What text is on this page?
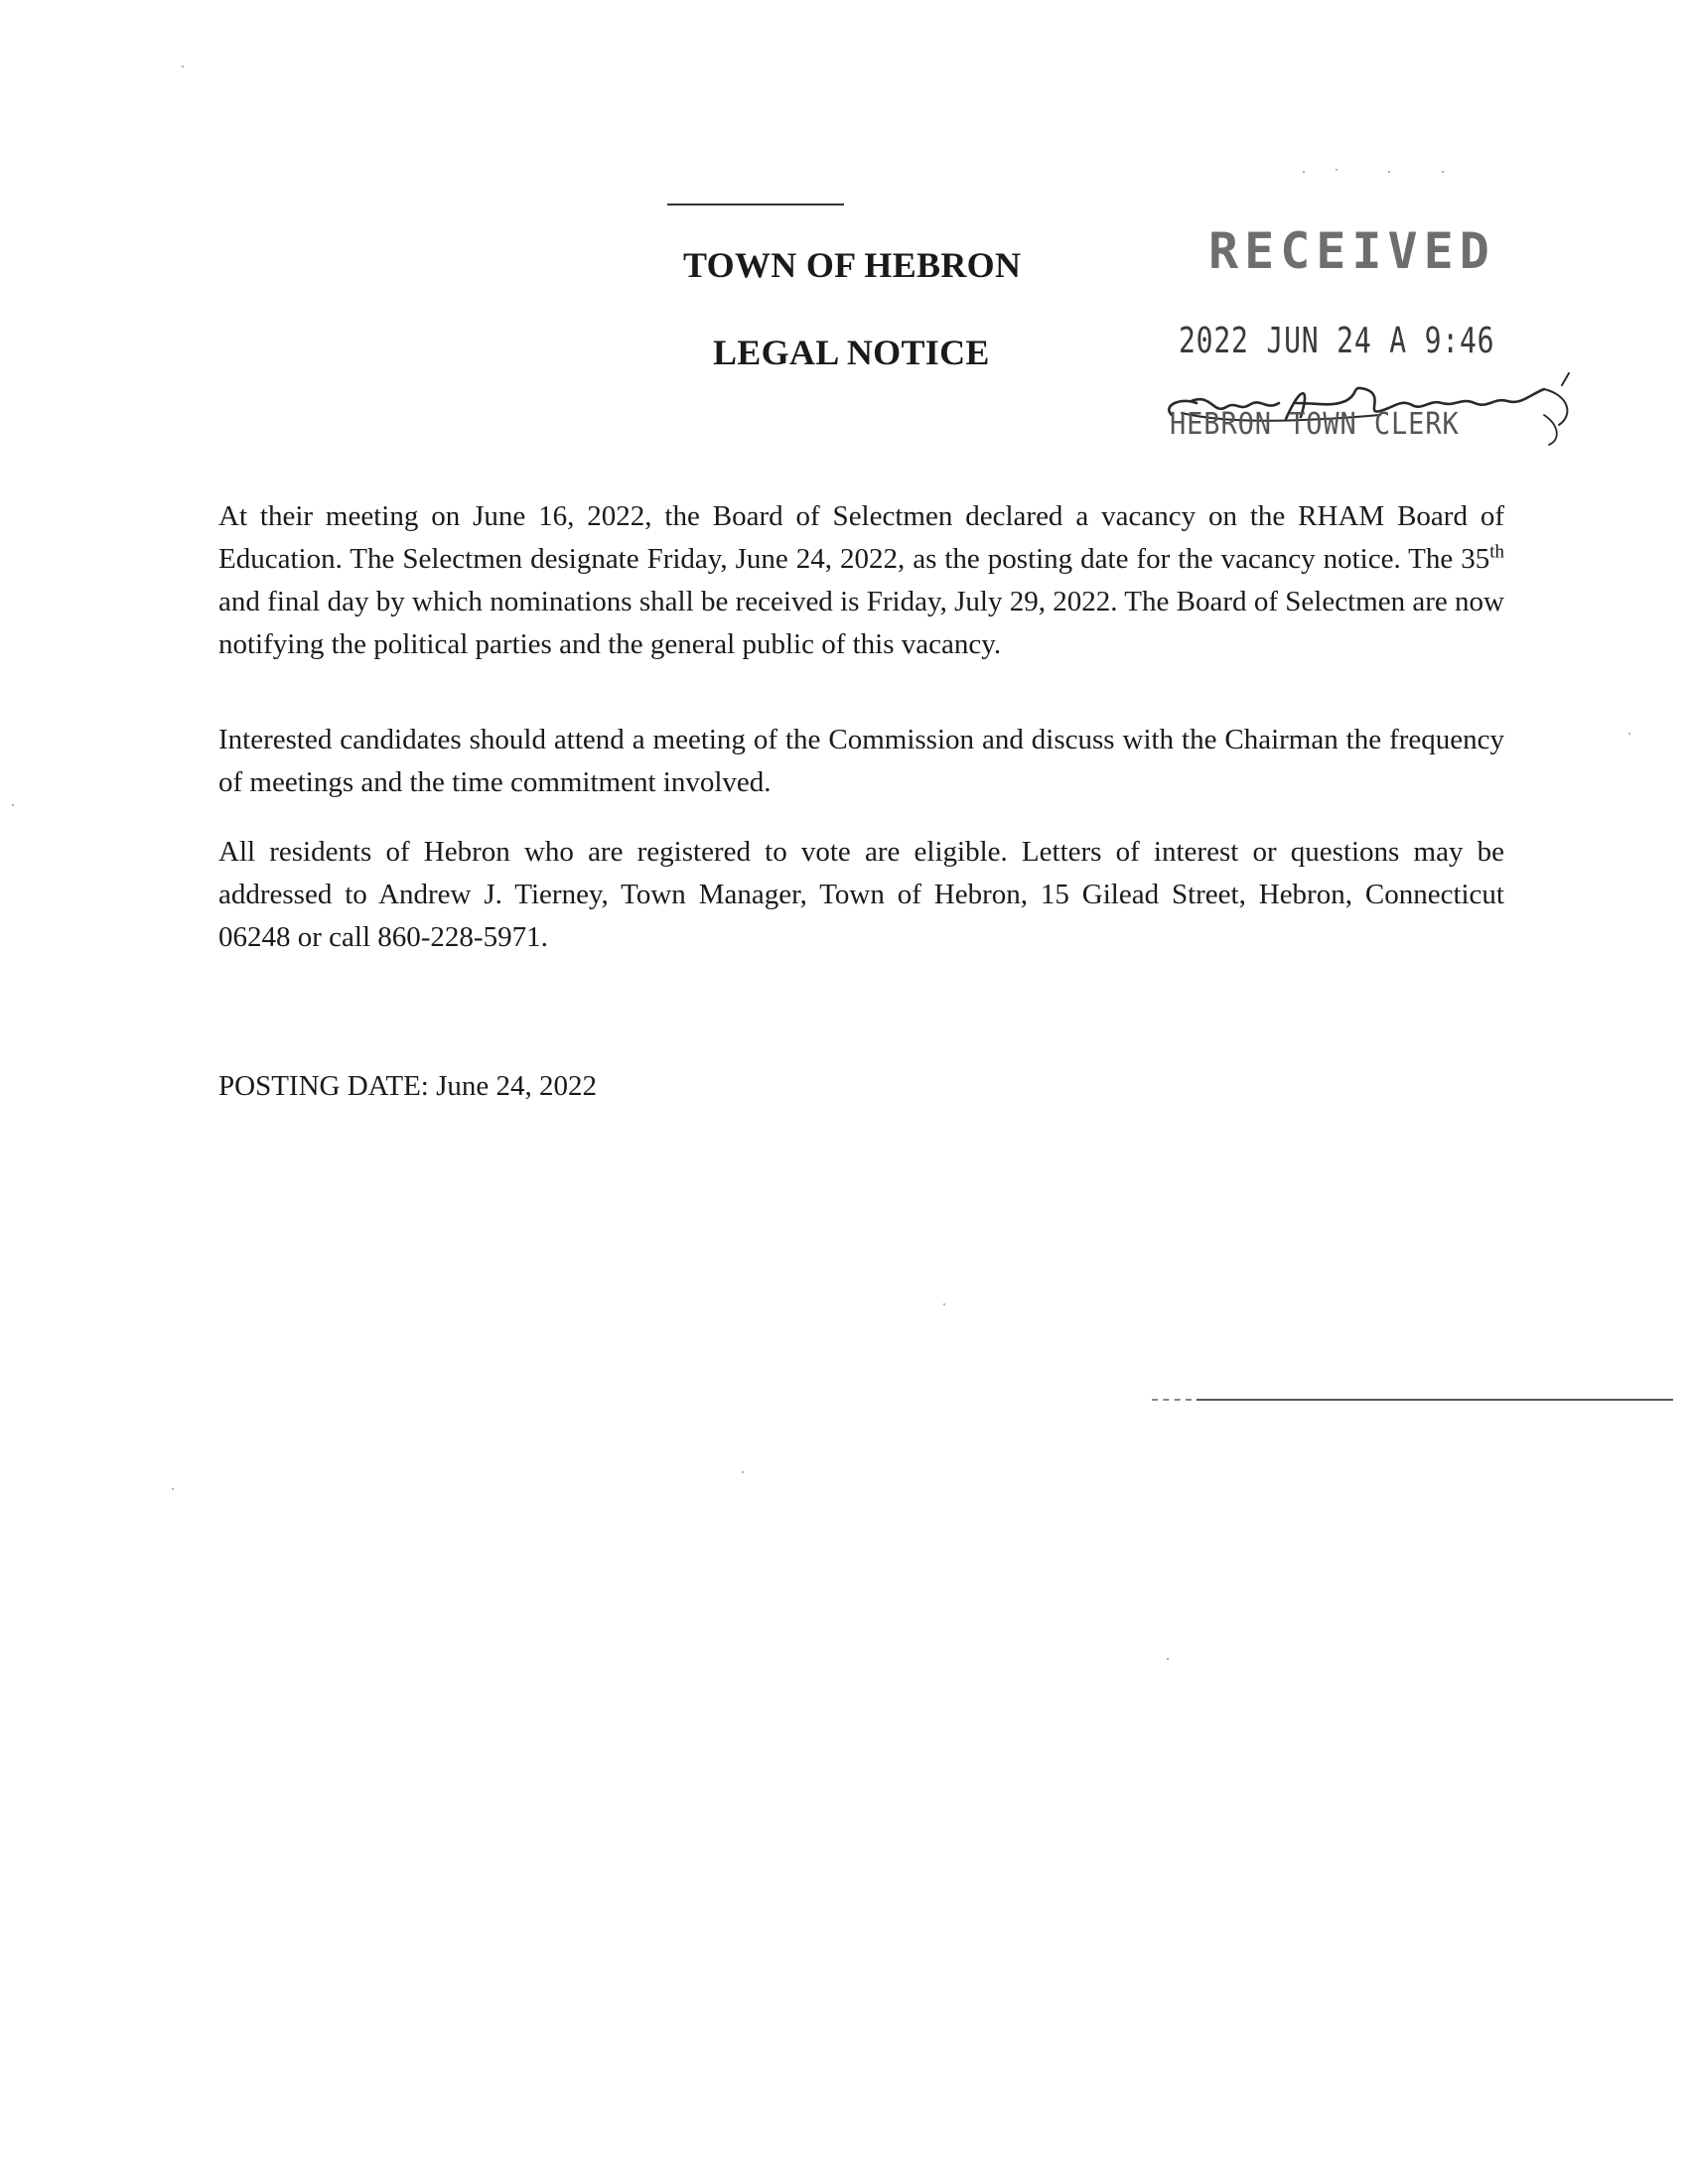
TOWN OF HEBRON
LEGAL NOTICE
RECEIVED
2022 JUN 24 A 9:46
HEBRON TOWN CLERK
At their meeting on June 16, 2022, the Board of Selectmen declared a vacancy on the RHAM Board of Education. The Selectmen designate Friday, June 24, 2022, as the posting date for the vacancy notice. The 35th and final day by which nominations shall be received is Friday, July 29, 2022. The Board of Selectmen are now notifying the political parties and the general public of this vacancy.
Interested candidates should attend a meeting of the Commission and discuss with the Chairman the frequency of meetings and the time commitment involved.
All residents of Hebron who are registered to vote are eligible. Letters of interest or questions may be addressed to Andrew J. Tierney, Town Manager, Town of Hebron, 15 Gilead Street, Hebron, Connecticut 06248 or call 860-228-5971.
POSTING DATE: June 24, 2022
